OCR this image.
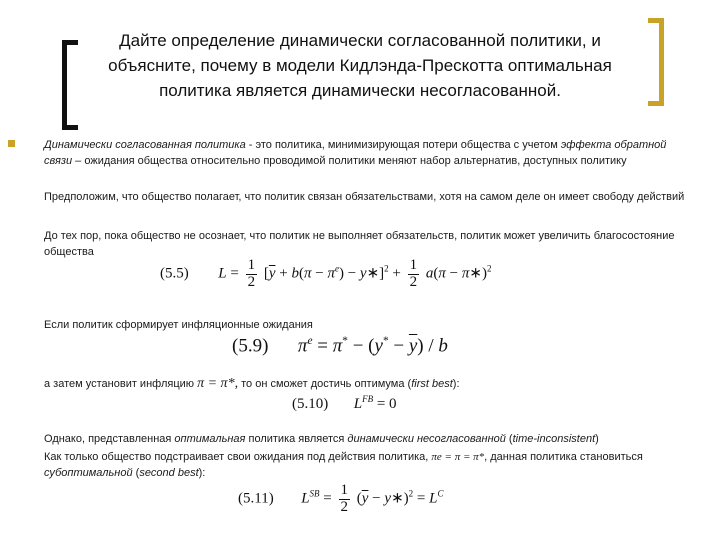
Дайте определение динамически согласованной политики, и объясните, почему в модели Кидлэнда-Прескотта оптимальная политика является динамически несогласованной.
Динамически согласованная политика - это политика, минимизирующая потери общества с учетом эффекта обратной связи – ожидания общества относительно проводимой политики меняют набор альтернатив, доступных политику
Предположим, что общество полагает, что политик связан обязательствами, хотя на самом деле он имеет свободу действий
До тех пор, пока общество не осознает, что политик не выполняет обязательств, политик может увеличить благосостояние общества
(5.5) $L = \frac{1}{2} [\overline{y} + b(\pi - \pi^e)$ − y∗]$^2$ + $\frac{1}{2} a(\pi$ − π∗)$^2$
Если политик сформирует инфляционные ожидания
(5.9) $\pi^e = \pi^* - (y^* - \overline{y}) / b$
а затем установит инфляцию π = π*, то он сможет достичь оптимума (first best):
(5.10) $L^{FB} = 0$
Однако, представленная оптимальная политика является динамически несогласованной (time-inconsistent)
Как только общество подстраивает свои ожидания под действия политика, πe = π = π*, данная политика становиться субоптимальной (second best):
(5.11) $L^{SB} = \frac{1}{2} (\overline{y}$ − y∗)$^2$ = $L^C$
